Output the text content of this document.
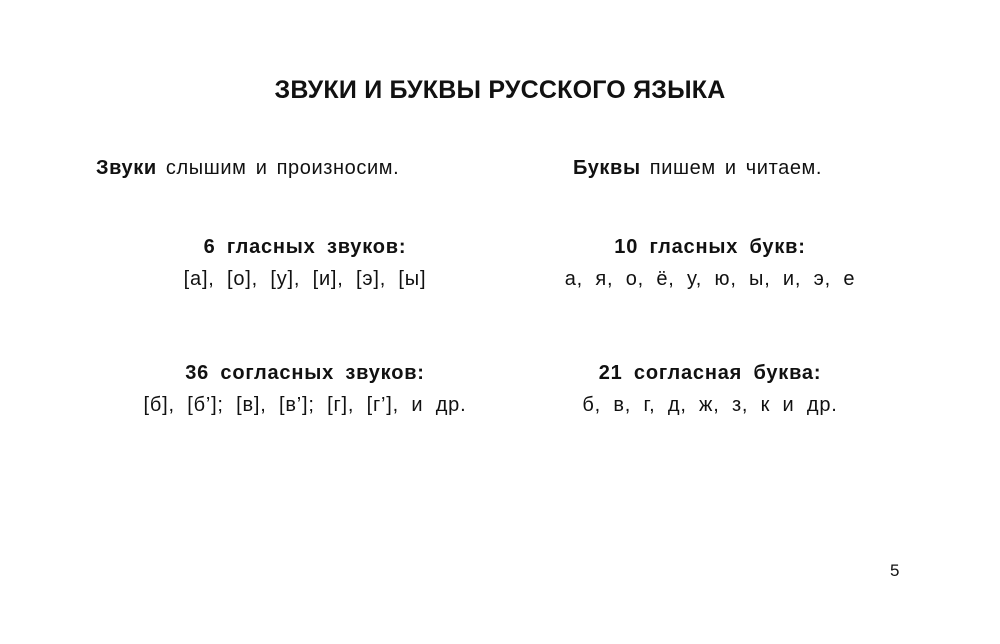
ЗВУКИ И БУКВЫ РУССКОГО ЯЗЫКА
Звуки слышим и произносим.	Буквы пишем и читаем.
6 гласных звуков:
[а], [о], [у], [и], [э], [ы]
10 гласных букв:
а, я, о, ё, у, ю, ы, и, э, е
36 согласных звуков:
[б], [б’]; [в], [в’]; [г], [г’], и др.
21 согласная буква:
б, в, г, д, ж, з, к и др.
5
